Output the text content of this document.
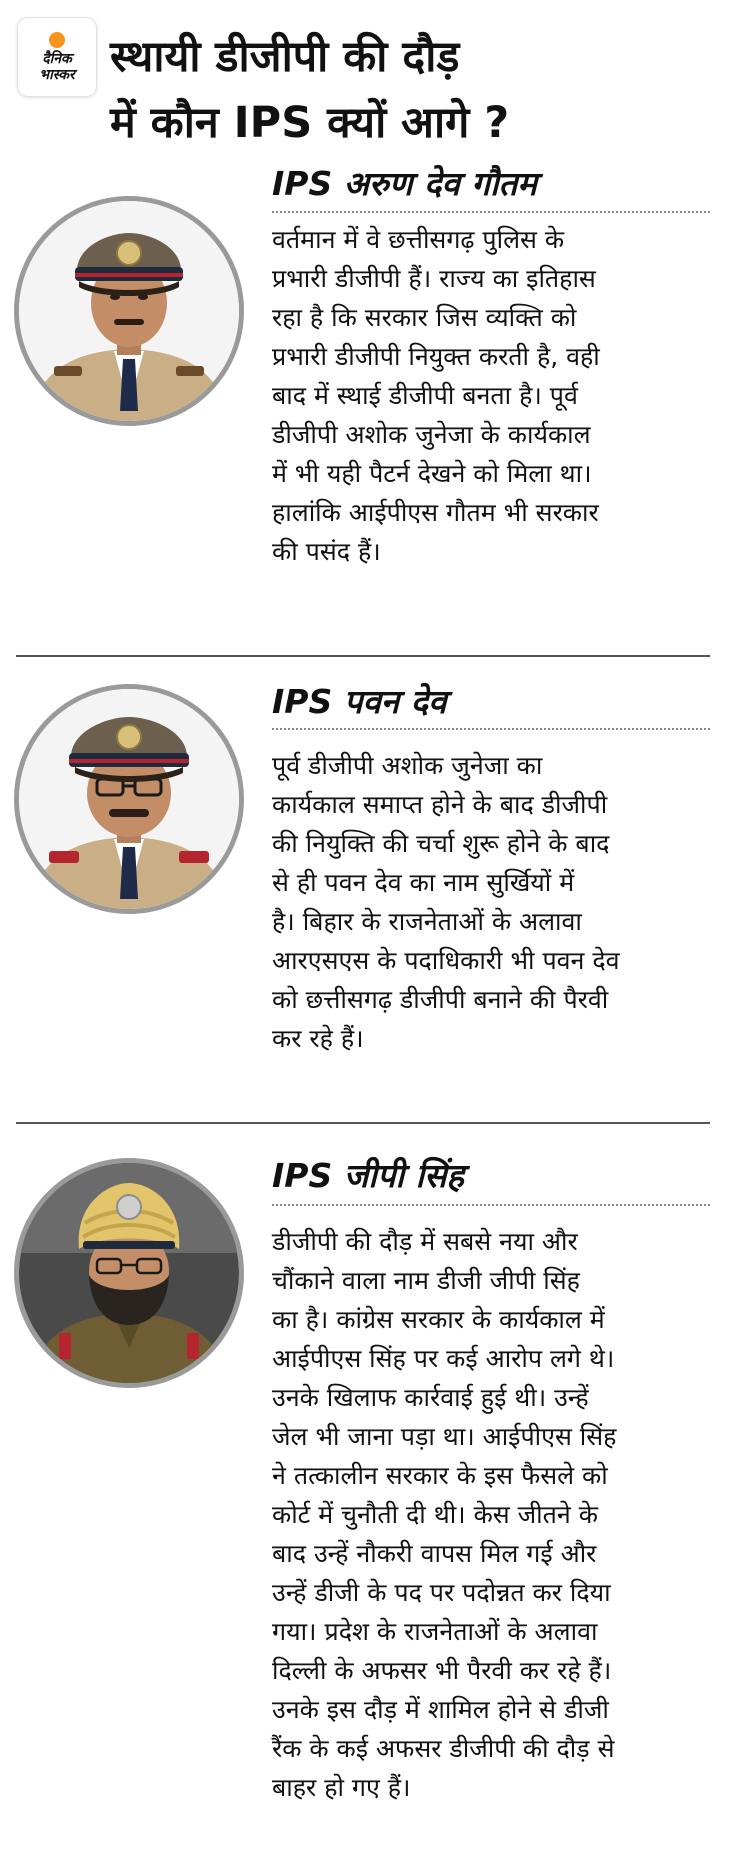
दैनिक
भास्कर स्थायी डीजीपी की दौड़
में कौन IPS क्यों आगे ?
IPS अरुण देव गौतम

वर्तमान में वे छत्तीसगढ़ पुलिस के
प्रभारी डीजीपी हैं। राज्य का इतिहास
रहा है कि सरकार जिस व्यक्ति को
प्रभारी डीजीपी नियुक्त करती है, वही
बाद में स्थाई डीजीपी बनता है। पूर्व
डीजीपी अशोक जुनेजा के कार्यकाल
में भी यही पैटर्न देखने को मिला था।
हालांकि आईपीएस गौतम भी सरकार
की पसंद हैं।

IPS पवन देव

पूर्व डीजीपी अशोक जुनेजा का
कार्यकाल समाप्त होने के बाद डीजीपी
की नियुक्ति की चर्चा शुरू होने के बाद
से ही पवन देव का नाम सुर्खियों में
है। बिहार के राजनेताओं के अलावा
आरएसएस के पदाधिकारी भी पवन देव
को छत्तीसगढ़ डीजीपी बनाने की पैरवी
कर रहे हैं।

IPS जीपी सिंह

डीजीपी की दौड़ में सबसे नया और
चौंकाने वाला नाम डीजी जीपी सिंह
का है। कांग्रेस सरकार के कार्यकाल में
आईपीएस सिंह पर कई आरोप लगे थे।
उनके खिलाफ कार्रवाई हुई थी। उन्हें
जेल भी जाना पड़ा था। आईपीएस सिंह
ने तत्कालीन सरकार के इस फैसले को
कोर्ट में चुनौती दी थी। केस जीतने के
बाद उन्हें नौकरी वापस मिल गई और
उन्हें डीजी के पद पर पदोन्नत कर दिया
गया। प्रदेश के राजनेताओं के अलावा
दिल्ली के अफसर भी पैरवी कर रहे हैं।
उनके इस दौड़ में शामिल होने से डीजी
रैंक के कई अफसर डीजीपी की दौड़ से
बाहर हो गए हैं।
